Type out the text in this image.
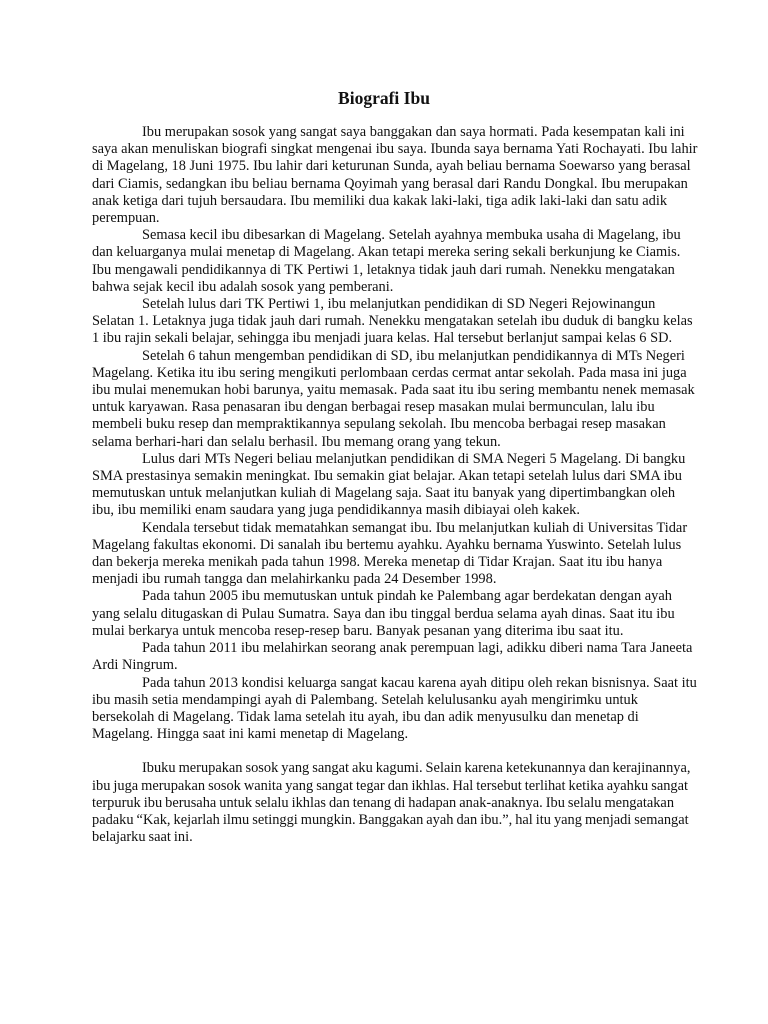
Biografi Ibu

Ibu merupakan sosok yang sangat saya banggakan dan saya hormati. Pada kesempatan kali ini saya akan menuliskan biografi singkat mengenai ibu saya. Ibunda saya bernama Yati Rochayati. Ibu lahir di Magelang, 18 Juni 1975. Ibu lahir dari keturunan Sunda, ayah beliau bernama Soewarso yang berasal dari Ciamis, sedangkan ibu beliau bernama Qoyimah yang berasal dari Randu Dongkal. Ibu merupakan anak ketiga dari tujuh bersaudara. Ibu memiliki dua kakak laki-laki, tiga adik laki-laki dan satu adik perempuan.

Semasa kecil ibu dibesarkan di Magelang. Setelah ayahnya membuka usaha di Magelang, ibu dan keluarganya mulai menetap di Magelang. Akan tetapi mereka sering sekali berkunjung ke Ciamis. Ibu mengawali pendidikannya di TK Pertiwi 1, letaknya tidak jauh dari rumah. Nenekku mengatakan bahwa sejak kecil ibu adalah sosok yang pemberani.

Setelah lulus dari TK Pertiwi 1, ibu melanjutkan pendidikan di SD Negeri Rejowinangun Selatan 1. Letaknya juga tidak jauh dari rumah. Nenekku mengatakan setelah ibu duduk di bangku kelas 1 ibu rajin sekali belajar, sehingga ibu menjadi juara kelas. Hal tersebut berlanjut sampai kelas 6 SD.

Setelah 6 tahun mengemban pendidikan di SD, ibu melanjutkan pendidikannya di MTs Negeri Magelang. Ketika itu ibu sering mengikuti perlombaan cerdas cermat antar sekolah. Pada masa ini juga ibu mulai menemukan hobi barunya, yaitu memasak. Pada saat itu ibu sering membantu nenek memasak untuk karyawan. Rasa penasaran ibu dengan berbagai resep masakan mulai bermunculan, lalu ibu membeli buku resep dan mempraktikannya sepulang sekolah. Ibu mencoba berbagai resep masakan selama berhari-hari dan selalu berhasil. Ibu memang orang yang tekun.

Lulus dari MTs Negeri beliau melanjutkan pendidikan di SMA Negeri 5 Magelang. Di bangku SMA prestasinya semakin meningkat. Ibu semakin giat belajar. Akan tetapi setelah lulus dari SMA ibu memutuskan untuk melanjutkan kuliah di Magelang saja. Saat itu banyak yang dipertimbangkan oleh ibu, ibu memiliki enam saudara yang juga pendidikannya masih dibiayai oleh kakek.

Kendala tersebut tidak mematahkan semangat ibu. Ibu melanjutkan kuliah di Universitas Tidar Magelang fakultas ekonomi. Di sanalah ibu bertemu ayahku. Ayahku bernama Yuswinto. Setelah lulus dan bekerja mereka menikah pada tahun 1998. Mereka menetap di Tidar Krajan. Saat itu ibu hanya menjadi ibu rumah tangga dan melahirkanku pada 24 Desember 1998.

Pada tahun 2005 ibu memutuskan untuk pindah ke Palembang agar berdekatan dengan ayah yang selalu ditugaskan di Pulau Sumatra. Saya dan ibu tinggal berdua selama ayah dinas. Saat itu ibu mulai berkarya untuk mencoba resep-resep baru. Banyak pesanan yang diterima ibu saat itu.

Pada tahun 2011 ibu melahirkan seorang anak perempuan lagi, adikku diberi nama Tara Janeeta Ardi Ningrum.

Pada tahun 2013 kondisi keluarga sangat kacau karena ayah ditipu oleh rekan bisnisnya. Saat itu ibu masih setia mendampingi ayah di Palembang. Setelah kelulusanku ayah mengirimku untuk bersekolah di Magelang. Tidak lama setelah itu ayah, ibu dan adik menyusulku dan menetap di Magelang. Hingga saat ini kami menetap di Magelang.

Ibuku merupakan sosok yang sangat aku kagumi. Selain karena ketekunannya dan kerajinannya, ibu juga merupakan sosok wanita yang sangat tegar dan ikhlas. Hal tersebut terlihat ketika ayahku sangat terpuruk ibu berusaha untuk selalu ikhlas dan tenang di hadapan anak-anaknya. Ibu selalu mengatakan padaku “Kak, kejarlah ilmu setinggi mungkin. Banggakan ayah dan ibu.”, hal itu yang menjadi semangat belajarku saat ini.
